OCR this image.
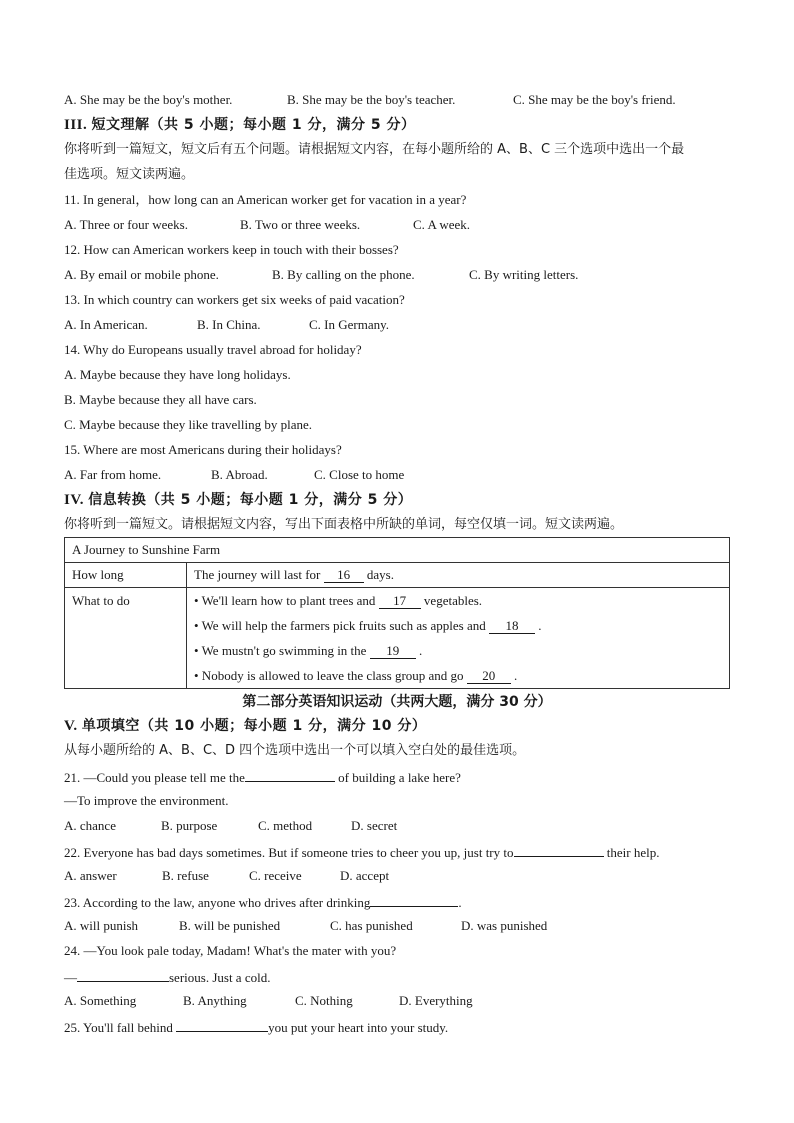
A. She may be the boy's mother.	B. She may be the boy's teacher.	C. She may be the boy's friend.
III. 短文理解（共 5 小题；每小题 1 分，满分 5 分）
你将听到一篇短文，短文后有五个问题。请根据短文内容，在每小题所给的 A、B、C 三个选项中选出一个最
佳选项。短文读两遍。
11. In general，how long can an American worker get for vacation in a year?
A. Three or four weeks.	B. Two or three weeks.	C. A week.
12. How can American workers keep in touch with their bosses?
A. By email or mobile phone.	B. By calling on the phone.	C. By writing letters.
13. In which country can workers get six weeks of paid vacation?
A. In American.	B. In China.	C. In Germany.
14. Why do Europeans usually travel abroad for holiday?
A. Maybe because they have long holidays.
B. Maybe because they all have cars.
C. Maybe because they like travelling by plane.
15. Where are most Americans during their holidays?
A. Far from home.	B. Abroad.	C. Close to home
IV. 信息转换（共 5 小题；每小题 1 分，满分 5 分）
你将听到一篇短文。请根据短文内容，写出下面表格中所缺的单词，每空仅填一词。短文读两遍。
A Journey to Sunshine Farm	
How long	The journey will last for 16 days.
What to do	• We'll learn how to plant trees and 17 vegetables.
• We will help the farmers pick fruits such as apples and 18 .
• We mustn't go swimming in the 19 .
• Nobody is allowed to leave the class group and go 20 .
第二部分英语知识运动（共两大题，满分 30 分）
V. 单项填空（共 10 小题；每小题 1 分，满分 10 分）
从每小题所给的 A、B、C、D 四个选项中选出一个可以填入空白处的最佳选项。
21. —Could you please tell me the	of building a lake here?
—To improve the environment.
A. chance	B. purpose	C. method	D. secret
22. Everyone has bad days sometimes. But if someone tries to cheer you up, just try to	their help.
A. answer	B. refuse	C. receive	D. accept
23. According to the law, anyone who drives after drinking	.
A. will punish	B. will be punished	C. has punished	D. was punished
24. —You look pale today, Madam! What's the mater with you?
—	serious. Just a cold.
A. Something	B. Anything	C. Nothing	D. Everything
25. You'll fall behind	you put your heart into your study.
